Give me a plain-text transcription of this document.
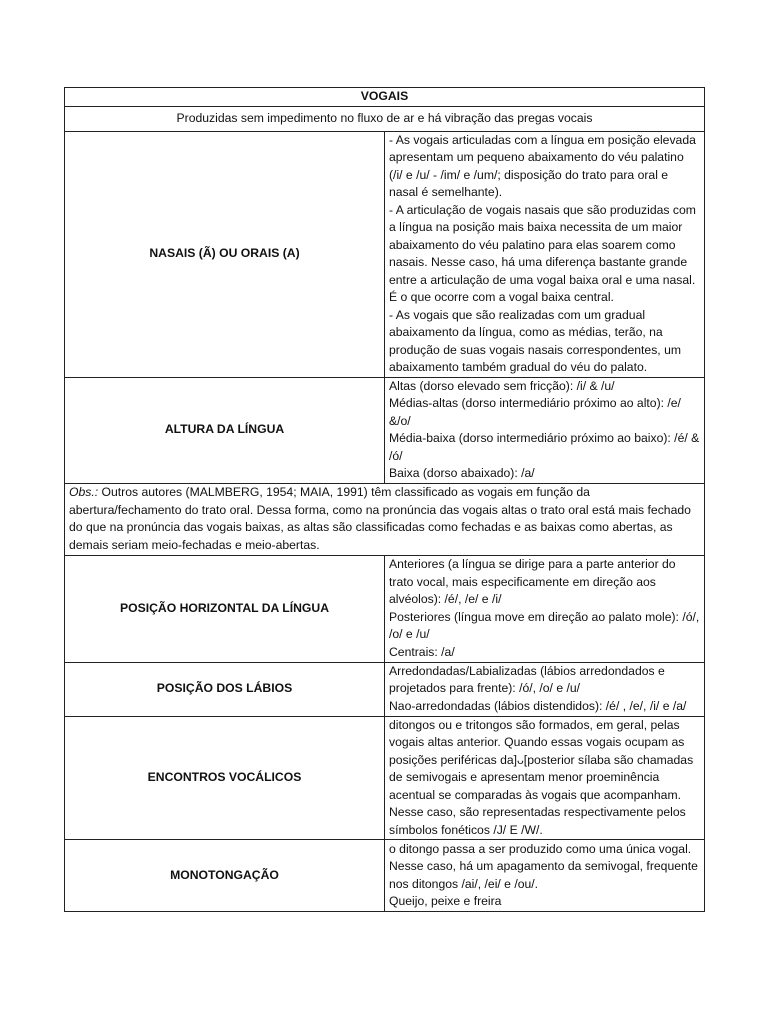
VOGAIS	
Produzidas sem impedimento no fluxo de ar e há vibração das pregas vocais	
NASAIS (Ã) OU ORAIS (A)	- As vogais articuladas com a língua em posição elevada apresentam um pequeno abaixamento do véu palatino (/i/ e /u/ - /im/ e /um/; disposição do trato para oral e nasal é semelhante).
- A articulação de vogais nasais que são produzidas com a língua na posição mais baixa necessita de um maior abaixamento do véu palatino para elas soarem como nasais. Nesse caso, há uma diferença bastante grande entre a articulação de uma vogal baixa oral e uma nasal. É o que ocorre com a vogal baixa central.
- As vogais que são realizadas com um gradual abaixamento da língua, como as médias, terão, na produção de suas vogais nasais correspondentes, um abaixamento também gradual do véu do palato.

ALTURA DA LÍNGUA	Altas (dorso elevado sem fricção): /i/ & /u/
Médias-altas (dorso intermediário próximo ao alto): /e/ &/o/
Média-baixa (dorso intermediário próximo ao baixo): /é/ & /ó/
Baixa (dorso abaixado): /a/

Obs.: Outros autores (MALMBERG, 1954; MAIA, 1991) têm classificado as vogais em função da abertura/fechamento do trato oral. Dessa forma, como na pronúncia das vogais altas o trato oral está mais fechado do que na pronúncia das vogais baixas, as altas são classificadas como fechadas e as baixas como abertas, as demais seriam meio-fechadas e meio-abertas.	
POSIÇÃO HORIZONTAL DA LÍNGUA	Anteriores (a língua se dirige para a parte anterior do trato vocal, mais especificamente em direção aos alvéolos): /é/, /e/ e /i/
Posteriores (língua move em direção ao palato mole): /ó/, /o/ e /u/
Centrais: /a/

POSIÇÃO DOS LÁBIOS	Arredondadas/Labializadas (lábios arredondados e projetados para frente): /ó/, /o/ e /u/
Nao-arredondadas (lábios distendidos): /é/ , /e/, /i/ e /a/

ENCONTROS VOCÁLICOS	ditongos ou e tritongos são formados, em geral, pelas vogais altas anterior. Quando essas vogais ocupam as posições periféricas da]ᴗ[posterior sílaba são chamadas de semivogais e apresentam menor proeminência acentual se comparadas às vogais que acompanham. Nesse caso, são representadas respectivamente pelos símbolos fonéticos /J/ E /W/.

MONOTONGAÇÃO	o ditongo passa a ser produzido como uma única vogal. Nesse caso, há um apagamento da semivogal, frequente nos ditongos /ai/, /ei/ e /ou/.
Queijo, peixe e freira
